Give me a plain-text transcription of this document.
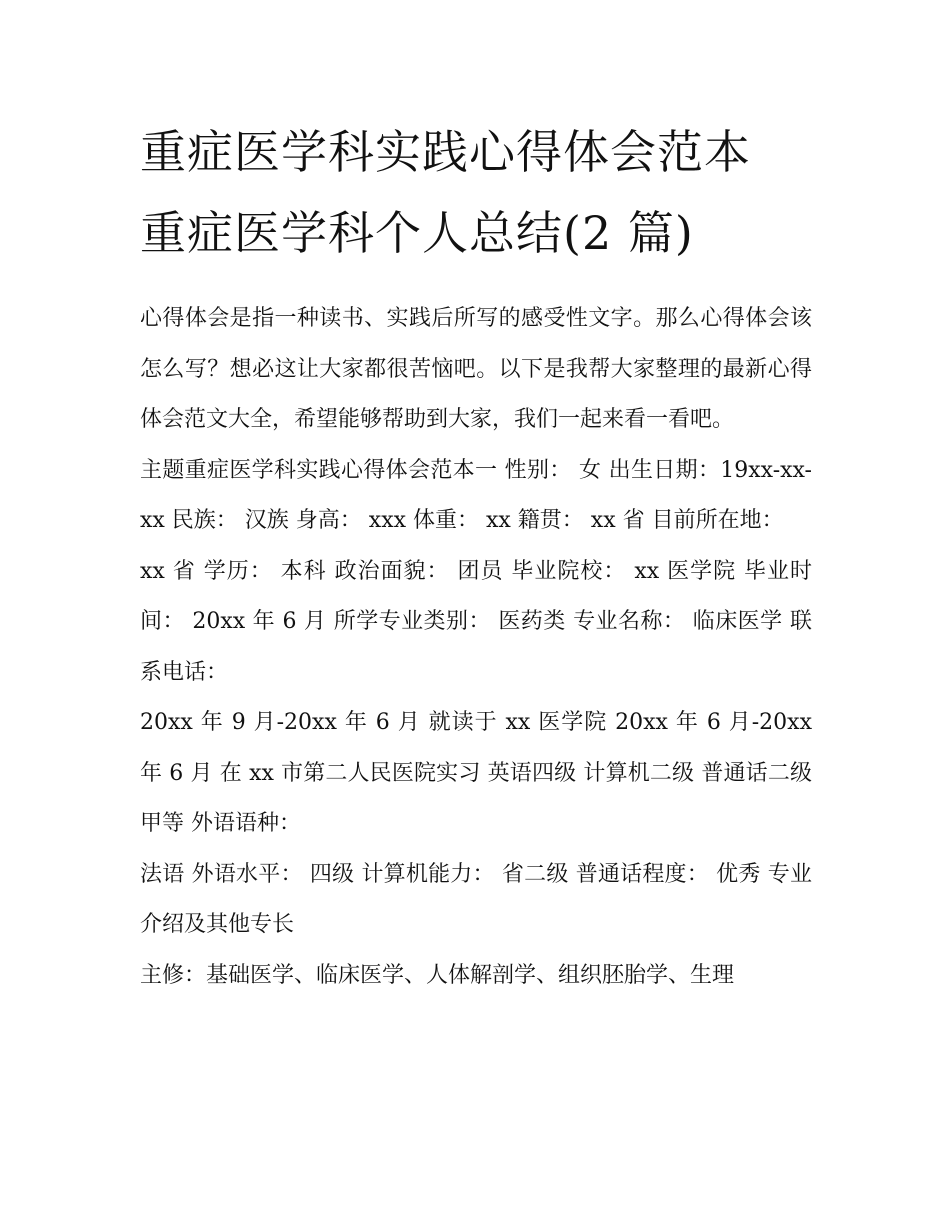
重症医学科实践心得体会范本
重症医学科个人总结(2 篇)

心得体会是指一种读书、实践后所写的感受性文字。那么心得体会该怎么写？想必这让大家都很苦恼吧。以下是我帮大家整理的最新心得体会范文大全，希望能够帮助到大家，我们一起来看一看吧。

主题重症医学科实践心得体会范本一 性别： 女 出生日期：19xx-xx-xx 民族： 汉族 身高： xxx 体重： xx 籍贯： xx 省 目前所在地：

xx 省 学历： 本科 政治面貌： 团员 毕业院校： xx 医学院 毕业时间： 20xx 年 6 月 所学专业类别： 医药类 专业名称： 临床医学 联系电话：

20xx 年 9 月-20xx 年 6 月 就读于 xx 医学院 20xx 年 6 月-20xx 年 6 月 在 xx 市第二人民医院实习 英语四级 计算机二级 普通话二级甲等 外语语种：

法语 外语水平： 四级 计算机能力： 省二级 普通话程度： 优秀 专业介绍及其他专长

主修：基础医学、临床医学、人体解剖学、组织胚胎学、生理
